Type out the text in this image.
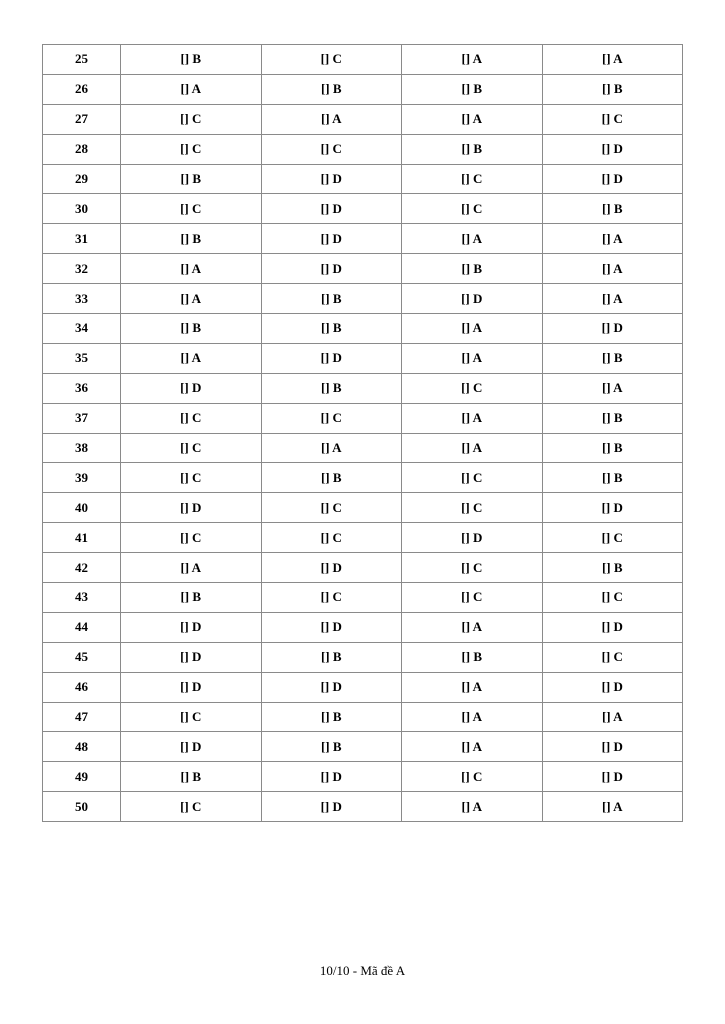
25	[] B	[] C	[] A	[] A
26	[] A	[] B	[] B	[] B
27	[] C	[] A	[] A	[] C
28	[] C	[] C	[] B	[] D
29	[] B	[] D	[] C	[] D
30	[] C	[] D	[] C	[] B
31	[] B	[] D	[] A	[] A
32	[] A	[] D	[] B	[] A
33	[] A	[] B	[] D	[] A
34	[] B	[] B	[] A	[] D
35	[] A	[] D	[] A	[] B
36	[] D	[] B	[] C	[] A
37	[] C	[] C	[] A	[] B
38	[] C	[] A	[] A	[] B
39	[] C	[] B	[] C	[] B
40	[] D	[] C	[] C	[] D
41	[] C	[] C	[] D	[] C
42	[] A	[] D	[] C	[] B
43	[] B	[] C	[] C	[] C
44	[] D	[] D	[] A	[] D
45	[] D	[] B	[] B	[] C
46	[] D	[] D	[] A	[] D
47	[] C	[] B	[] A	[] A
48	[] D	[] B	[] A	[] D
49	[] B	[] D	[] C	[] D
50	[] C	[] D	[] A	[] A
10/10 - Mã đề A
